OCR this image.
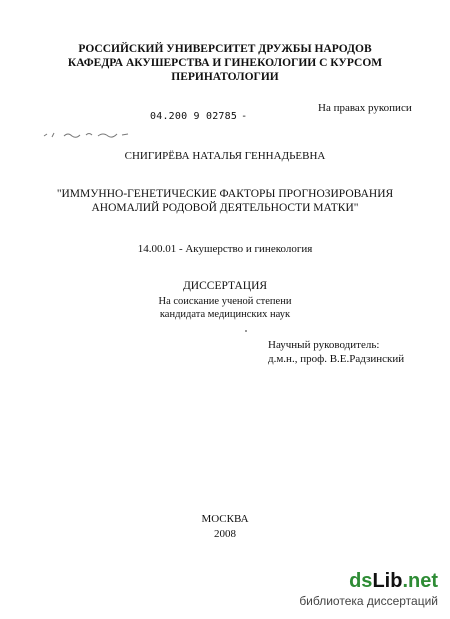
РОССИЙСКИЙ УНИВЕРСИТЕТ ДРУЖБЫ НАРОДОВ
КАФЕДРА АКУШЕРСТВА И ГИНЕКОЛОГИИ С КУРСОМ
ПЕРИНАТОЛОГИИ
На правах рукописи
04.200 9 02785 -
СНИГИРЁВА НАТАЛЬЯ ГЕННАДЬЕВНА
"ИММУННО-ГЕНЕТИЧЕСКИЕ ФАКТОРЫ ПРОГНОЗИРОВАНИЯ
АНОМАЛИЙ РОДОВОЙ ДЕЯТЕЛЬНОСТИ МАТКИ"
14.00.01 - Акушерство и гинекология
ДИССЕРТАЦИЯ
На соискание ученой степени
кандидата медицинских наук
Научный руководитель:
д.м.н., проф. В.Е.Радзинский
МОСКВА
2008
dsLib.net
библиотека диссертаций
